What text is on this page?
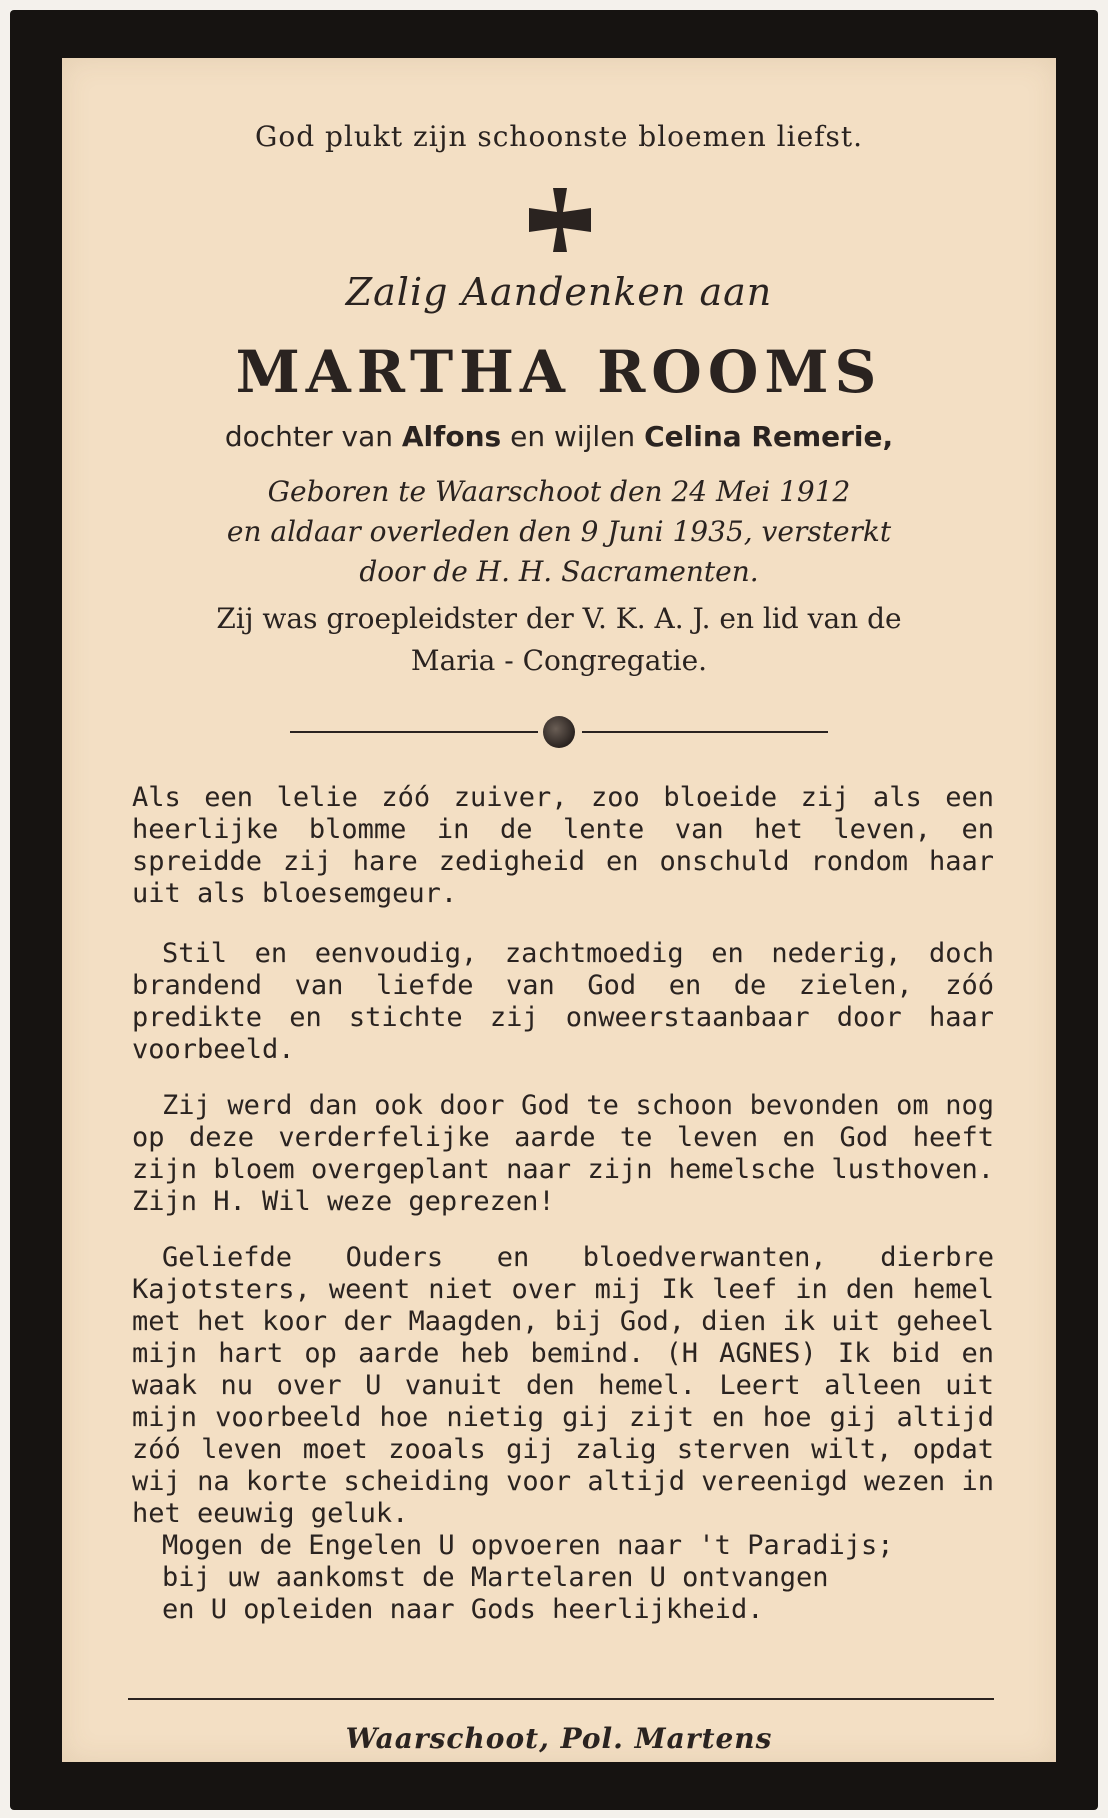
God plukt zijn schoonste bloemen liefst.
Zalig Aandenken aan
MARTHA ROOMS
dochter van Alfons en wijlen Celina Remerie,
Geboren te Waarschoot den 24 Mei 1912
en aldaar overleden den 9 Juni 1935, versterkt
door de H. H. Sacramenten.
Zij was groepleidster der V. K. A. J. en lid van de
Maria - Congregatie.
Als een lelie zóó zuiver, zoo bloeide zij als een heerlijke blomme in de lente van het leven, en spreidde zij hare zedigheid en onschuld rondom haar uit als bloesemgeur.
Stil en eenvoudig, zachtmoedig en nederig, doch brandend van liefde van God en de zielen, zóó predikte en stichte zij onweerstaanbaar door haar voorbeeld.
Zij werd dan ook door God te schoon bevonden om nog op deze verderfelijke aarde te leven en God heeft zijn bloem overgeplant naar zijn hemelsche lusthoven. Zijn H. Wil weze geprezen!
Geliefde Ouders en bloedverwanten, dierbre Kajotsters, weent niet over mij Ik leef in den hemel met het koor der Maagden, bij God, dien ik uit geheel mijn hart op aarde heb bemind. (H AGNES) Ik bid en waak nu over U vanuit den hemel. Leert alleen uit mijn voorbeeld hoe nietig gij zijt en hoe gij altijd zóó leven moet zooals gij zalig sterven wilt, opdat wij na korte scheiding voor altijd vereenigd wezen in het eeuwig geluk.
Mogen de Engelen U opvoeren naar 't Paradijs;
bij uw aankomst de Martelaren U ontvangen
en U opleiden naar Gods heerlijkheid.
Waarschoot, Pol. Martens
